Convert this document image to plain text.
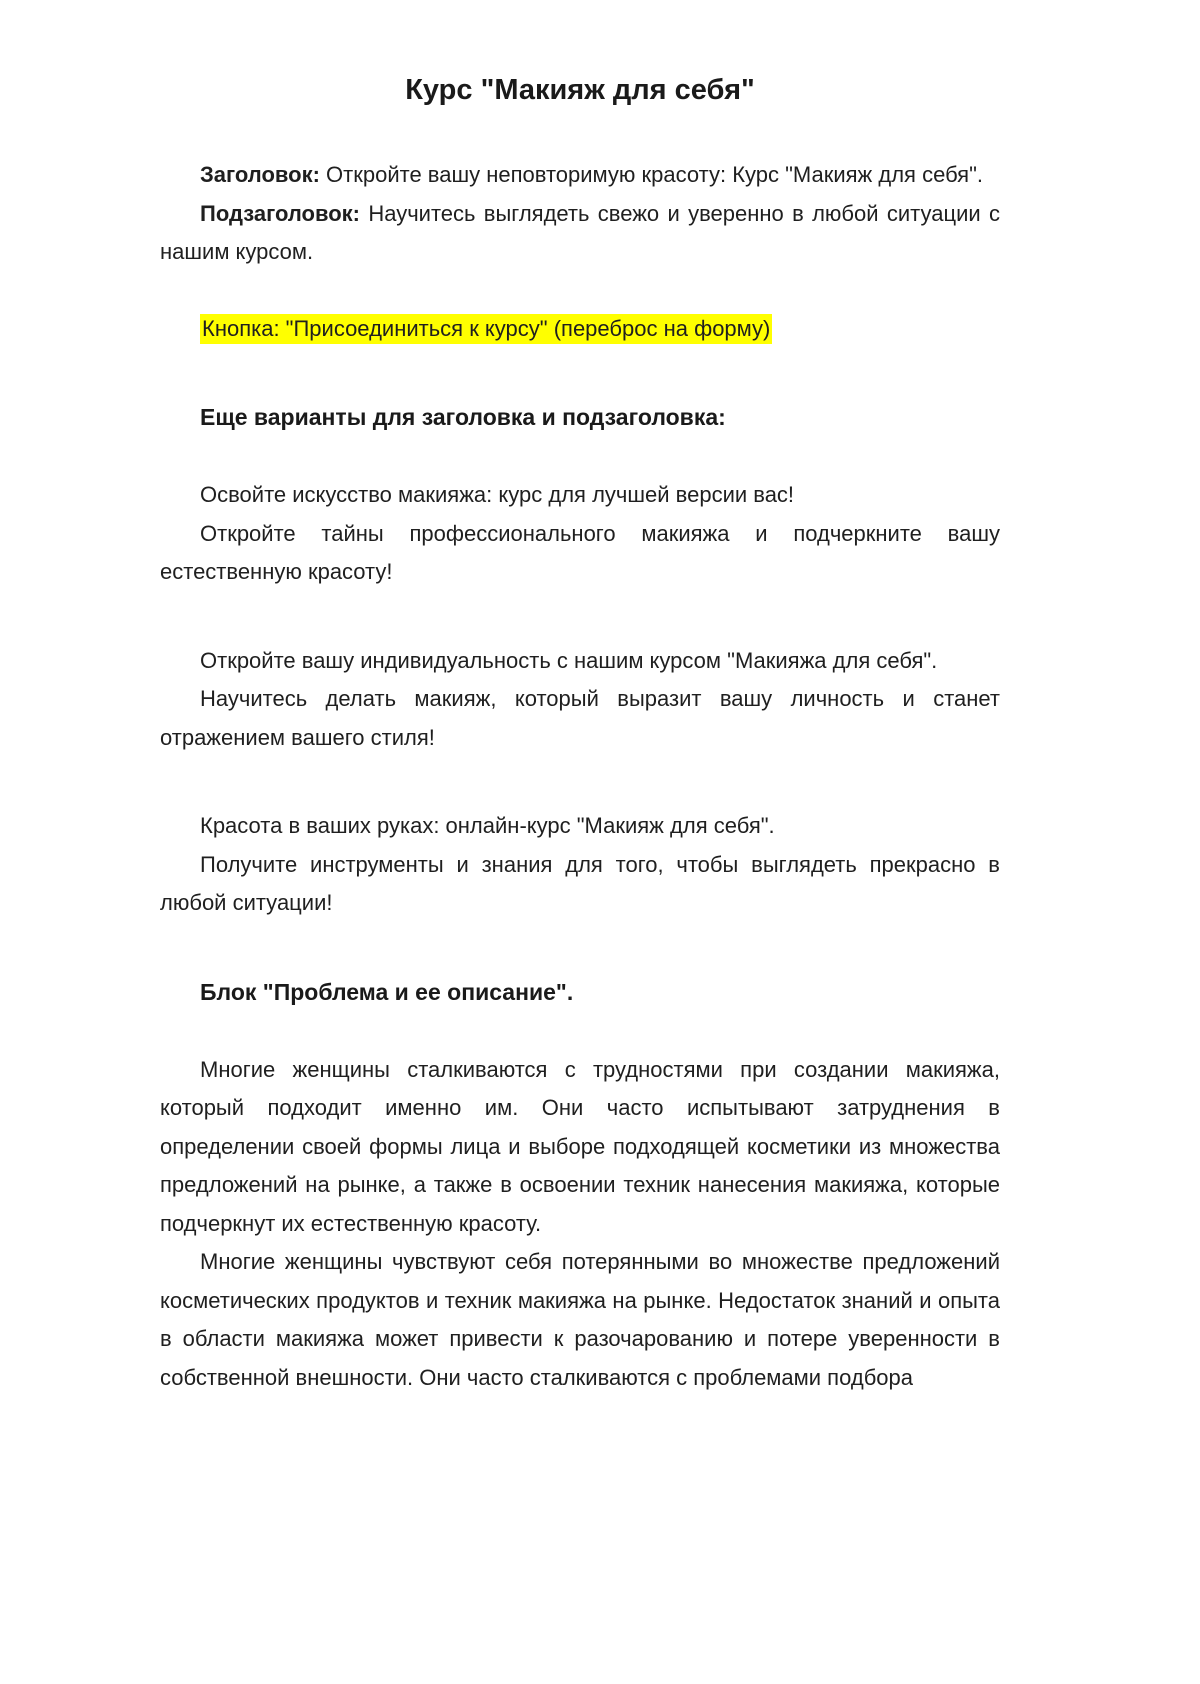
Курс "Макияж для себя"

Заголовок: Откройте вашу неповторимую красоту: Курс "Макияж для себя".

Подзаголовок: Научитесь выглядеть свежо и уверенно в любой ситуации с нашим курсом.

Кнопка: "Присоединиться к курсу" (переброс на форму)

Еще варианты для заголовка и подзаголовка:

Освойте искусство макияжа: курс для лучшей версии вас!

Откройте тайны профессионального макияжа и подчеркните вашу естественную красоту!

Откройте вашу индивидуальность с нашим курсом "Макияжа для себя".

Научитесь делать макияж, который выразит вашу личность и станет отражением вашего стиля!

Красота в ваших руках: онлайн-курс "Макияж для себя".

Получите инструменты и знания для того, чтобы выглядеть прекрасно в любой ситуации!

Блок "Проблема и ее описание".

Многие женщины сталкиваются с трудностями при создании макияжа, который подходит именно им. Они часто испытывают затруднения в определении своей формы лица и выборе подходящей косметики из множества предложений на рынке, а также в освоении техник нанесения макияжа, которые подчеркнут их естественную красоту.

Многие женщины чувствуют себя потерянными во множестве предложений косметических продуктов и техник макияжа на рынке. Недостаток знаний и опыта в области макияжа может привести к разочарованию и потере уверенности в собственной внешности. Они часто сталкиваются с проблемами подбора
